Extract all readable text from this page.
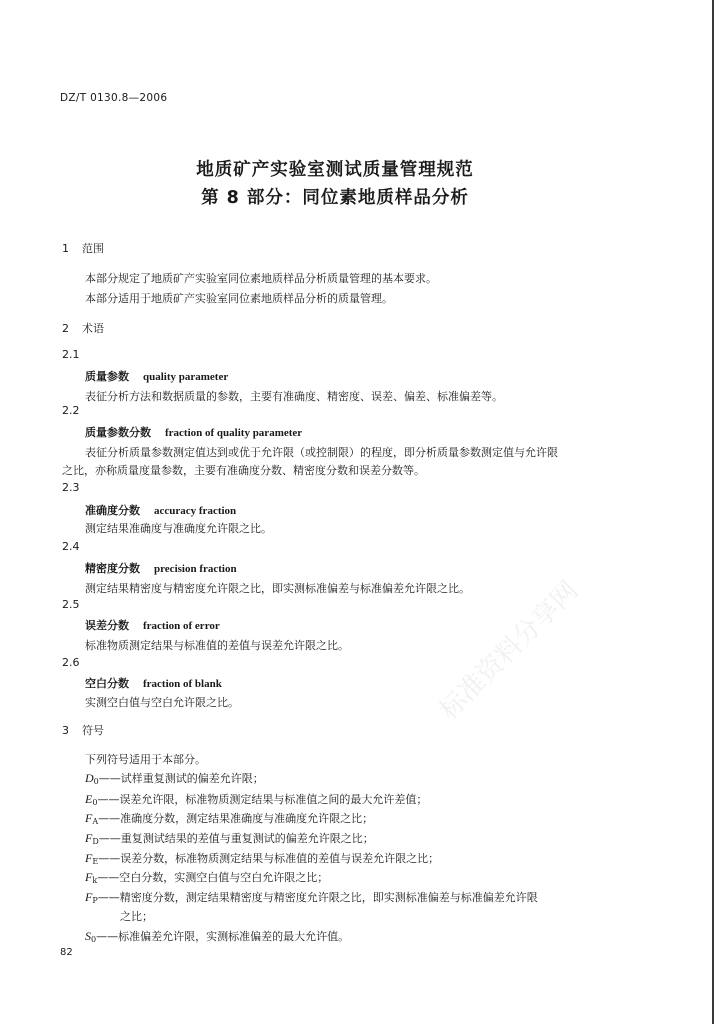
标准资料分享网
DZ/T 0130.8—2006
地质矿产实验室测试质量管理规范
第 8 部分：同位素地质样品分析
1 范围
本部分规定了地质矿产实验室同位素地质样品分析质量管理的基本要求。
本部分适用于地质矿产实验室同位素地质样品分析的质量管理。
2 术语
2.1
质量参数 quality parameter
表征分析方法和数据质量的参数，主要有准确度、精密度、误差、偏差、标准偏差等。
2.2
质量参数分数 fraction of quality parameter
表征分析质量参数测定值达到或优于允许限（或控制限）的程度，即分析质量参数测定值与允许限
之比，亦称质量度量参数，主要有准确度分数、精密度分数和误差分数等。
2.3
准确度分数 accuracy fraction
测定结果准确度与准确度允许限之比。
2.4
精密度分数 precision fraction
测定结果精密度与精密度允许限之比，即实测标准偏差与标准偏差允许限之比。
2.5
误差分数 fraction of error
标准物质测定结果与标准值的差值与误差允许限之比。
2.6
空白分数 fraction of blank
实测空白值与空白允许限之比。
3 符号
下列符号适用于本部分。
$D_0——$试样重复测试的偏差允许限；
$E_0——$误差允许限，标准物质测定结果与标准值之间的最大允许差值；
$F_A——$准确度分数，测定结果准确度与准确度允许限之比；
$F_D——$重复测试结果的差值与重复测试的偏差允许限之比；
$F_E——$误差分数，标准物质测定结果与标准值的差值与误差允许限之比；
$F_k——$空白分数，实测空白值与空白允许限之比；
$F_P——$精密度分数，测定结果精密度与精密度允许限之比，即实测标准偏差与标准偏差允许限
之比；
$S_0——$标准偏差允许限，实测标准偏差的最大允许值。
82
